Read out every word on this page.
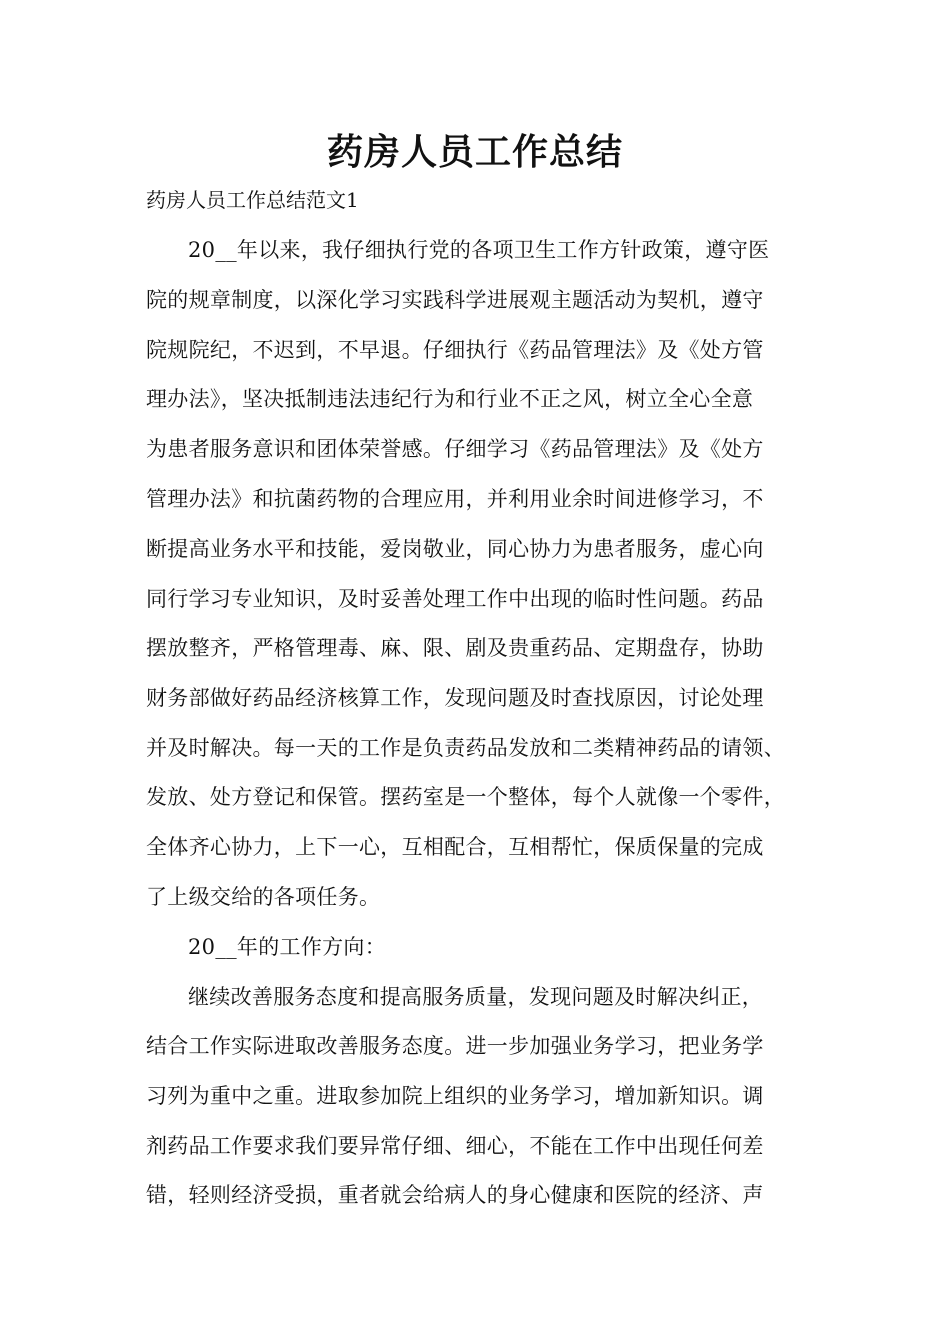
药房人员工作总结
药房人员工作总结范文1
20__年以来，我仔细执行党的各项卫生工作方针政策，遵守医
院的规章制度，以深化学习实践科学进展观主题活动为契机，遵守
院规院纪，不迟到，不早退。仔细执行《药品管理法》及《处方管
理办法》，坚决抵制违法违纪行为和行业不正之风，树立全心全意
为患者服务意识和团体荣誉感。仔细学习《药品管理法》及《处方
管理办法》和抗菌药物的合理应用，并利用业余时间进修学习，不
断提高业务水平和技能，爱岗敬业，同心协力为患者服务，虚心向
同行学习专业知识，及时妥善处理工作中出现的临时性问题。药品
摆放整齐，严格管理毒、麻、限、剧及贵重药品、定期盘存，协助
财务部做好药品经济核算工作，发现问题及时查找原因，讨论处理
并及时解决。每一天的工作是负责药品发放和二类精神药品的请领、
发放、处方登记和保管。摆药室是一个整体，每个人就像一个零件，
全体齐心协力，上下一心，互相配合，互相帮忙，保质保量的完成
了上级交给的各项任务。
20__年的工作方向：
继续改善服务态度和提高服务质量，发现问题及时解决纠正，
结合工作实际进取改善服务态度。进一步加强业务学习，把业务学
习列为重中之重。进取参加院上组织的业务学习，增加新知识。调
剂药品工作要求我们要异常仔细、细心，不能在工作中出现任何差
错，轻则经济受损，重者就会给病人的身心健康和医院的经济、声
